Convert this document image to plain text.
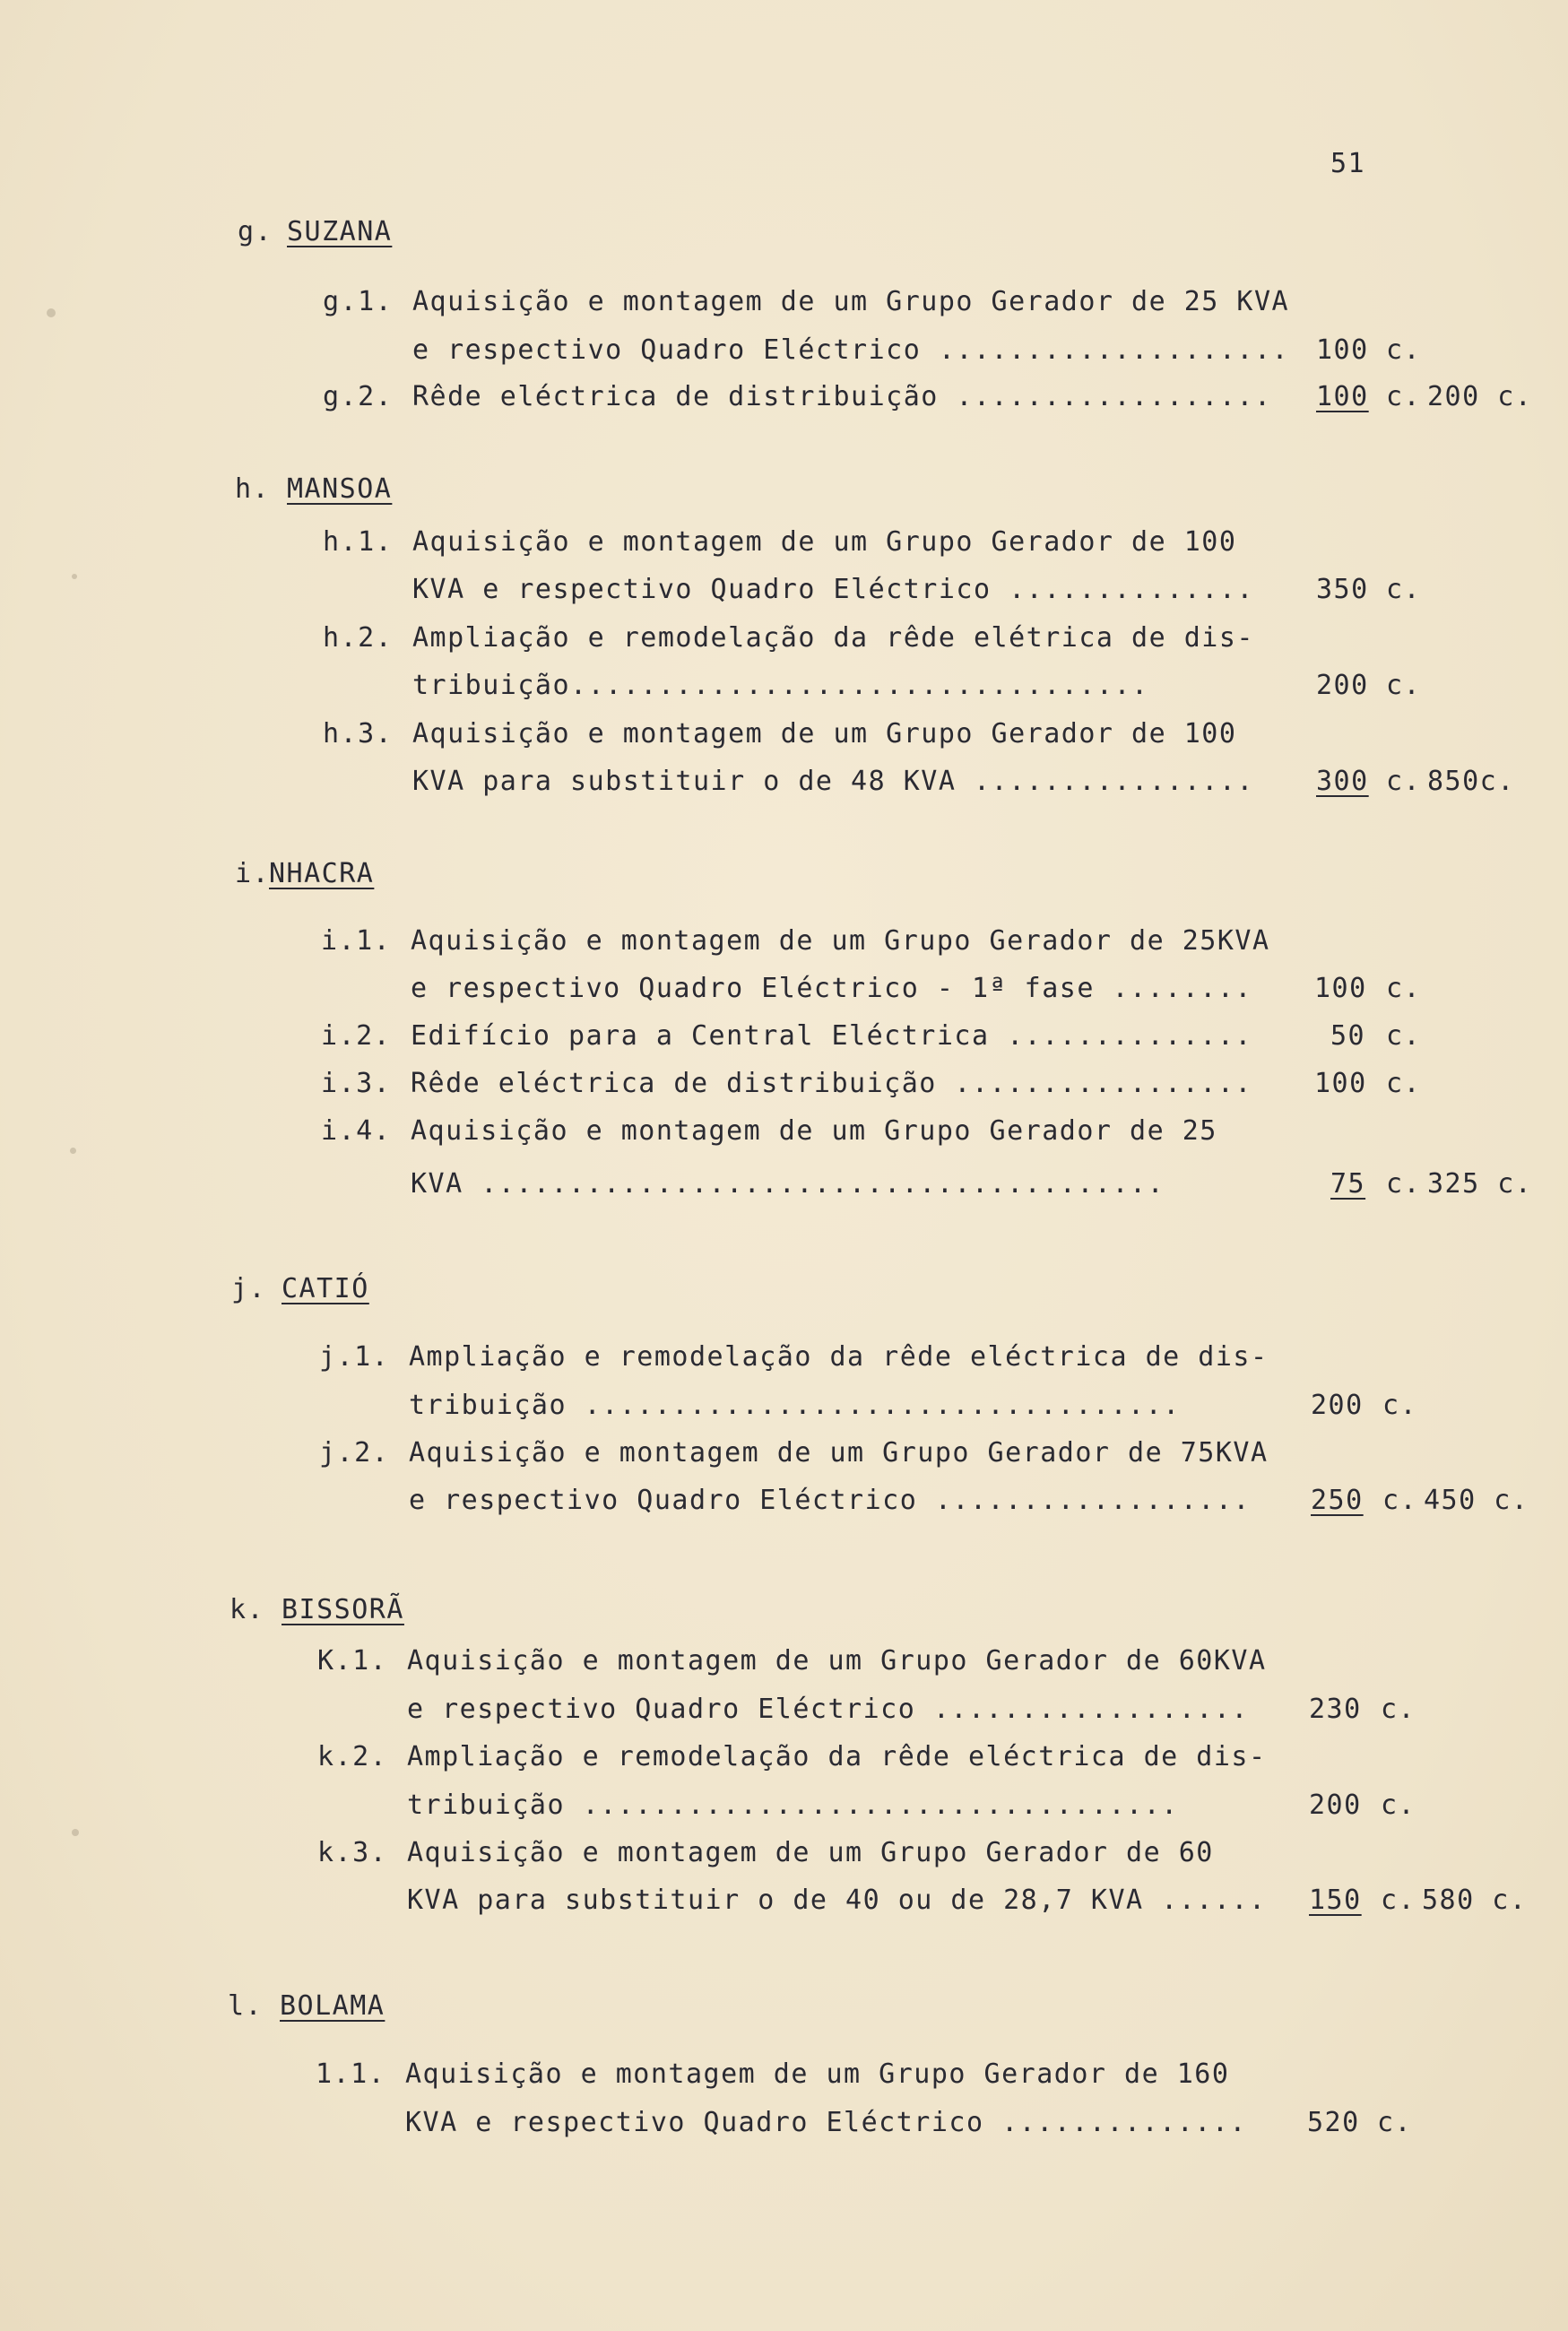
51
g. SUZANA
g.1. Aquisição e montagem de um Grupo Gerador de 25 KVA
e respectivo Quadro Eléctrico .................... 100 c.
g.2. Rêde eléctrica de distribuição .................. 100 c. 200 c.
h. MANSOA
h.1. Aquisição e montagem de um Grupo Gerador de 100
KVA e respectivo Quadro Eléctrico .............. 350 c.
h.2. Ampliação e remodelação da rêde elétrica de dis-
tribuição.................................	200 c.
h.3. Aquisição e montagem de um Grupo Gerador de 100
KVA para substituir o de 48 KVA ................ 300 c. 850c.
i.
NHACRA
i.1. Aquisição e montagem de um Grupo Gerador de 25KVA
e respectivo Quadro Eléctrico - 1ª fase ........ 100 c.
i.2. Edifício para a Central Eléctrica ..............	50 c.
i.3. Rêde eléctrica de distribuição ................. 100 c.
i.4. Aquisição e montagem de um Grupo Gerador de 25
KVA .......................................	75 c. 325 c.
j. CATIÓ
j.1. Ampliação e remodelação da rêde eléctrica de dis-
tribuição ..................................	200 c.
j.2. Aquisição e montagem de um Grupo Gerador de 75KVA
e respectivo Quadro Eléctrico .................. 250 c. 450 c.
k. BISSORÃ
K.1. Aquisição e montagem de um Grupo Gerador de 60KVA
e respectivo Quadro Eléctrico .................. 230 c.
k.2. Ampliação e remodelação da rêde eléctrica de dis-
tribuição ..................................	200 c.
k.3. Aquisição e montagem de um Grupo Gerador de 60
KVA para substituir o de 40 ou de 28,7 KVA ...... 150 c. 580 c.
l. BOLAMA
1.1. Aquisição e montagem de um Grupo Gerador de 160
KVA e respectivo Quadro Eléctrico .............. 520 c.
